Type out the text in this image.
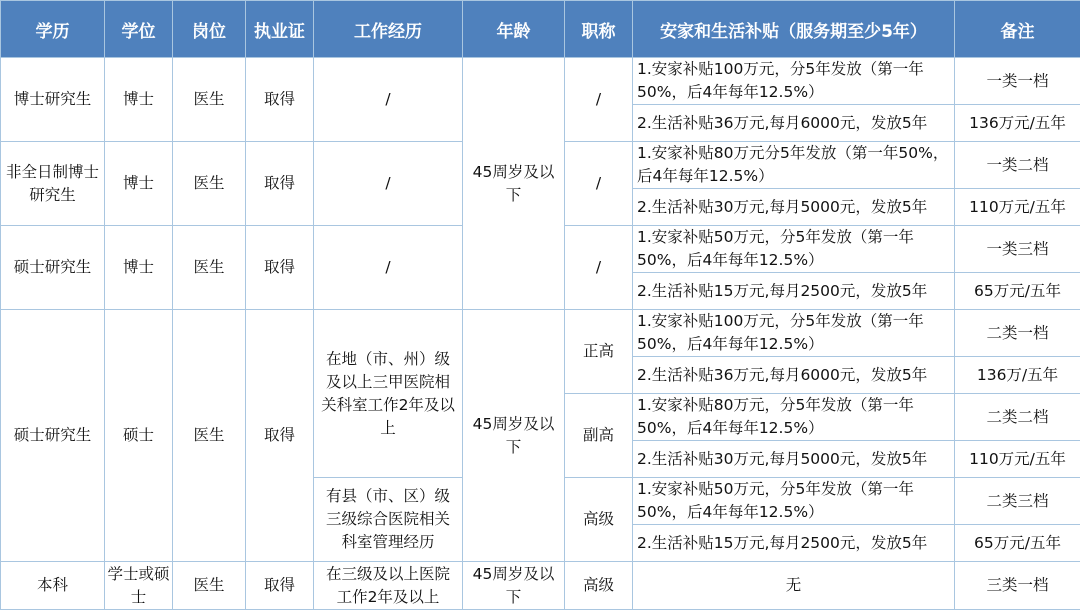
学历	学位	岗位	执业证	工作经历	年龄	职称	安家和生活补贴（服务期至少5年）	备注
博士研究生	博士	医生	取得	/	45周岁及以下	/	1.安家补贴100万元，分5年发放（第一年50%，后4年每年12.5%）	一类一档
							2.生活补贴36万元,每月6000元，发放5年	136万元/五年
非全日制博士研究生	博士	医生	取得	/		/	1.安家补贴80万元分5年发放（第一年50%，后4年每年12.5%）	一类二档
							2.生活补贴30万元,每月5000元，发放5年	110万元/五年
硕士研究生	博士	医生	取得	/		/	1.安家补贴50万元，分5年发放（第一年50%，后4年每年12.5%）	一类三档
							2.生活补贴15万元,每月2500元，发放5年	65万元/五年
硕士研究生	硕士	医生	取得	在地（市、州）级及以上三甲医院相关科室工作2年及以上	45周岁及以下	正高	1.安家补贴100万元，分5年发放（第一年50%，后4年每年12.5%）	二类一档
							2.生活补贴36万元,每月6000元，发放5年	136万/五年
						副高	1.安家补贴80万元，分5年发放（第一年50%，后4年每年12.5%）	二类二档
							2.生活补贴30万元,每月5000元，发放5年	110万元/五年
				有县（市、区）级三级综合医院相关科室管理经历		高级	1.安家补贴50万元，分5年发放（第一年50%，后4年每年12.5%）	二类三档
							2.生活补贴15万元,每月2500元，发放5年	65万元/五年
本科	学士或硕士	医生	取得	在三级及以上医院工作2年及以上	45周岁及以下	高级	无	三类一档
